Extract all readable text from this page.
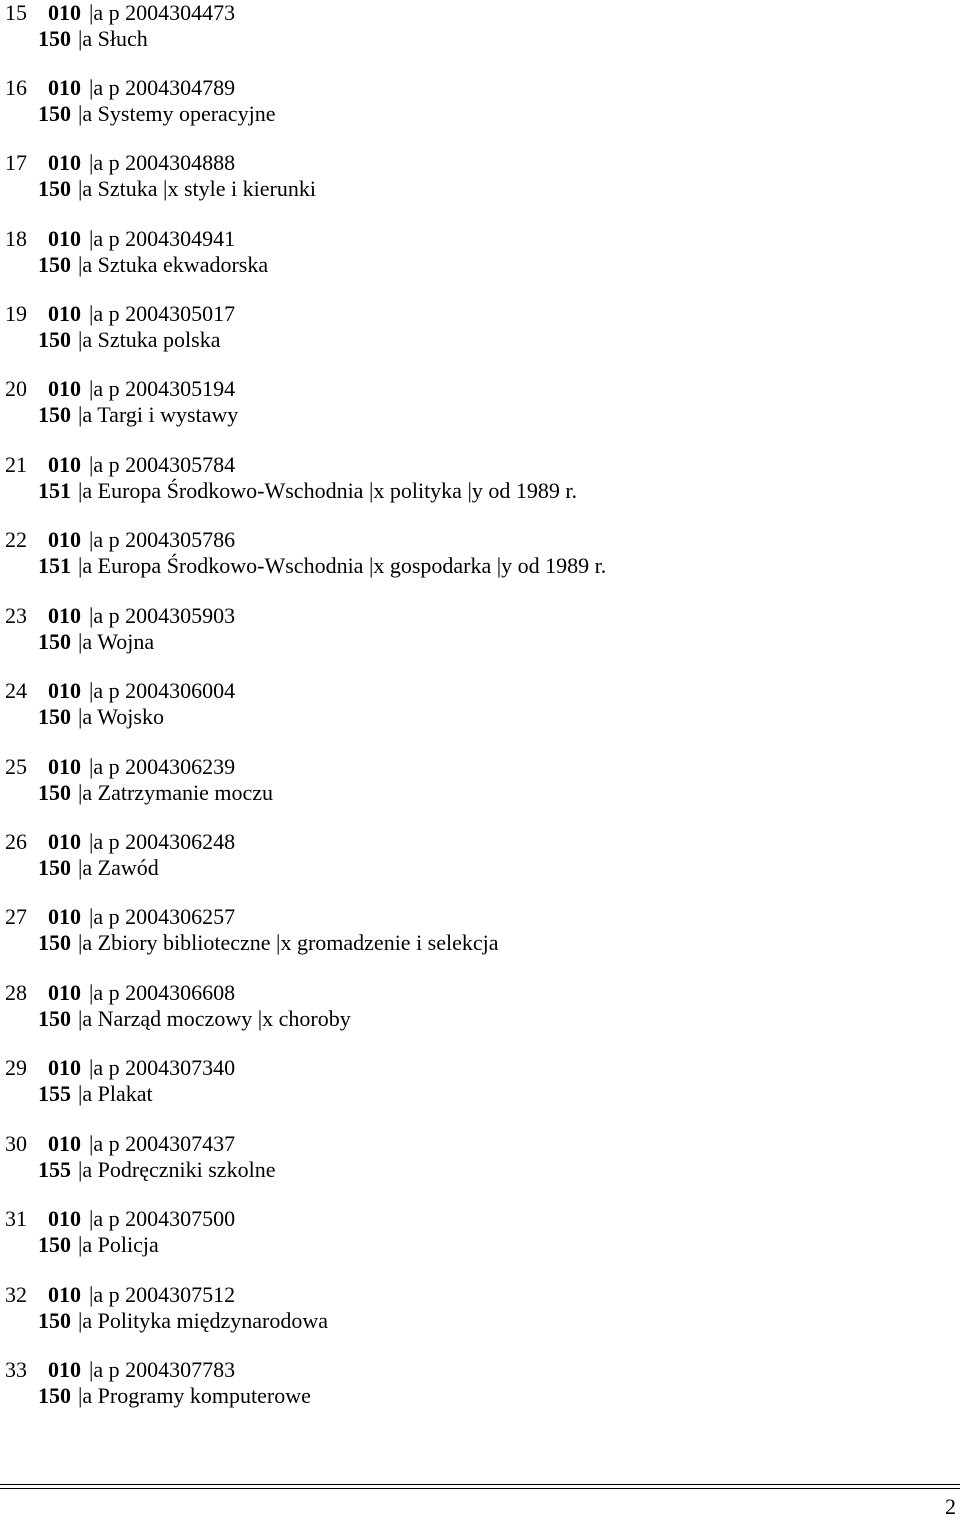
15 010 |a p 2004304473
150 |a Słuch
16 010 |a p 2004304789
150 |a Systemy operacyjne
17 010 |a p 2004304888
150 |a Sztuka |x style i kierunki
18 010 |a p 2004304941
150 |a Sztuka ekwadorska
19 010 |a p 2004305017
150 |a Sztuka polska
20 010 |a p 2004305194
150 |a Targi i wystawy
21 010 |a p 2004305784
151 |a Europa Środkowo-Wschodnia |x polityka |y od 1989 r.
22 010 |a p 2004305786
151 |a Europa Środkowo-Wschodnia |x gospodarka |y od 1989 r.
23 010 |a p 2004305903
150 |a Wojna
24 010 |a p 2004306004
150 |a Wojsko
25 010 |a p 2004306239
150 |a Zatrzymanie moczu
26 010 |a p 2004306248
150 |a Zawód
27 010 |a p 2004306257
150 |a Zbiory biblioteczne |x gromadzenie i selekcja
28 010 |a p 2004306608
150 |a Narząd moczowy |x choroby
29 010 |a p 2004307340
155 |a Plakat
30 010 |a p 2004307437
155 |a Podręczniki szkolne
31 010 |a p 2004307500
150 |a Policja
32 010 |a p 2004307512
150 |a Polityka międzynarodowa
33 010 |a p 2004307783
150 |a Programy komputerowe
2
